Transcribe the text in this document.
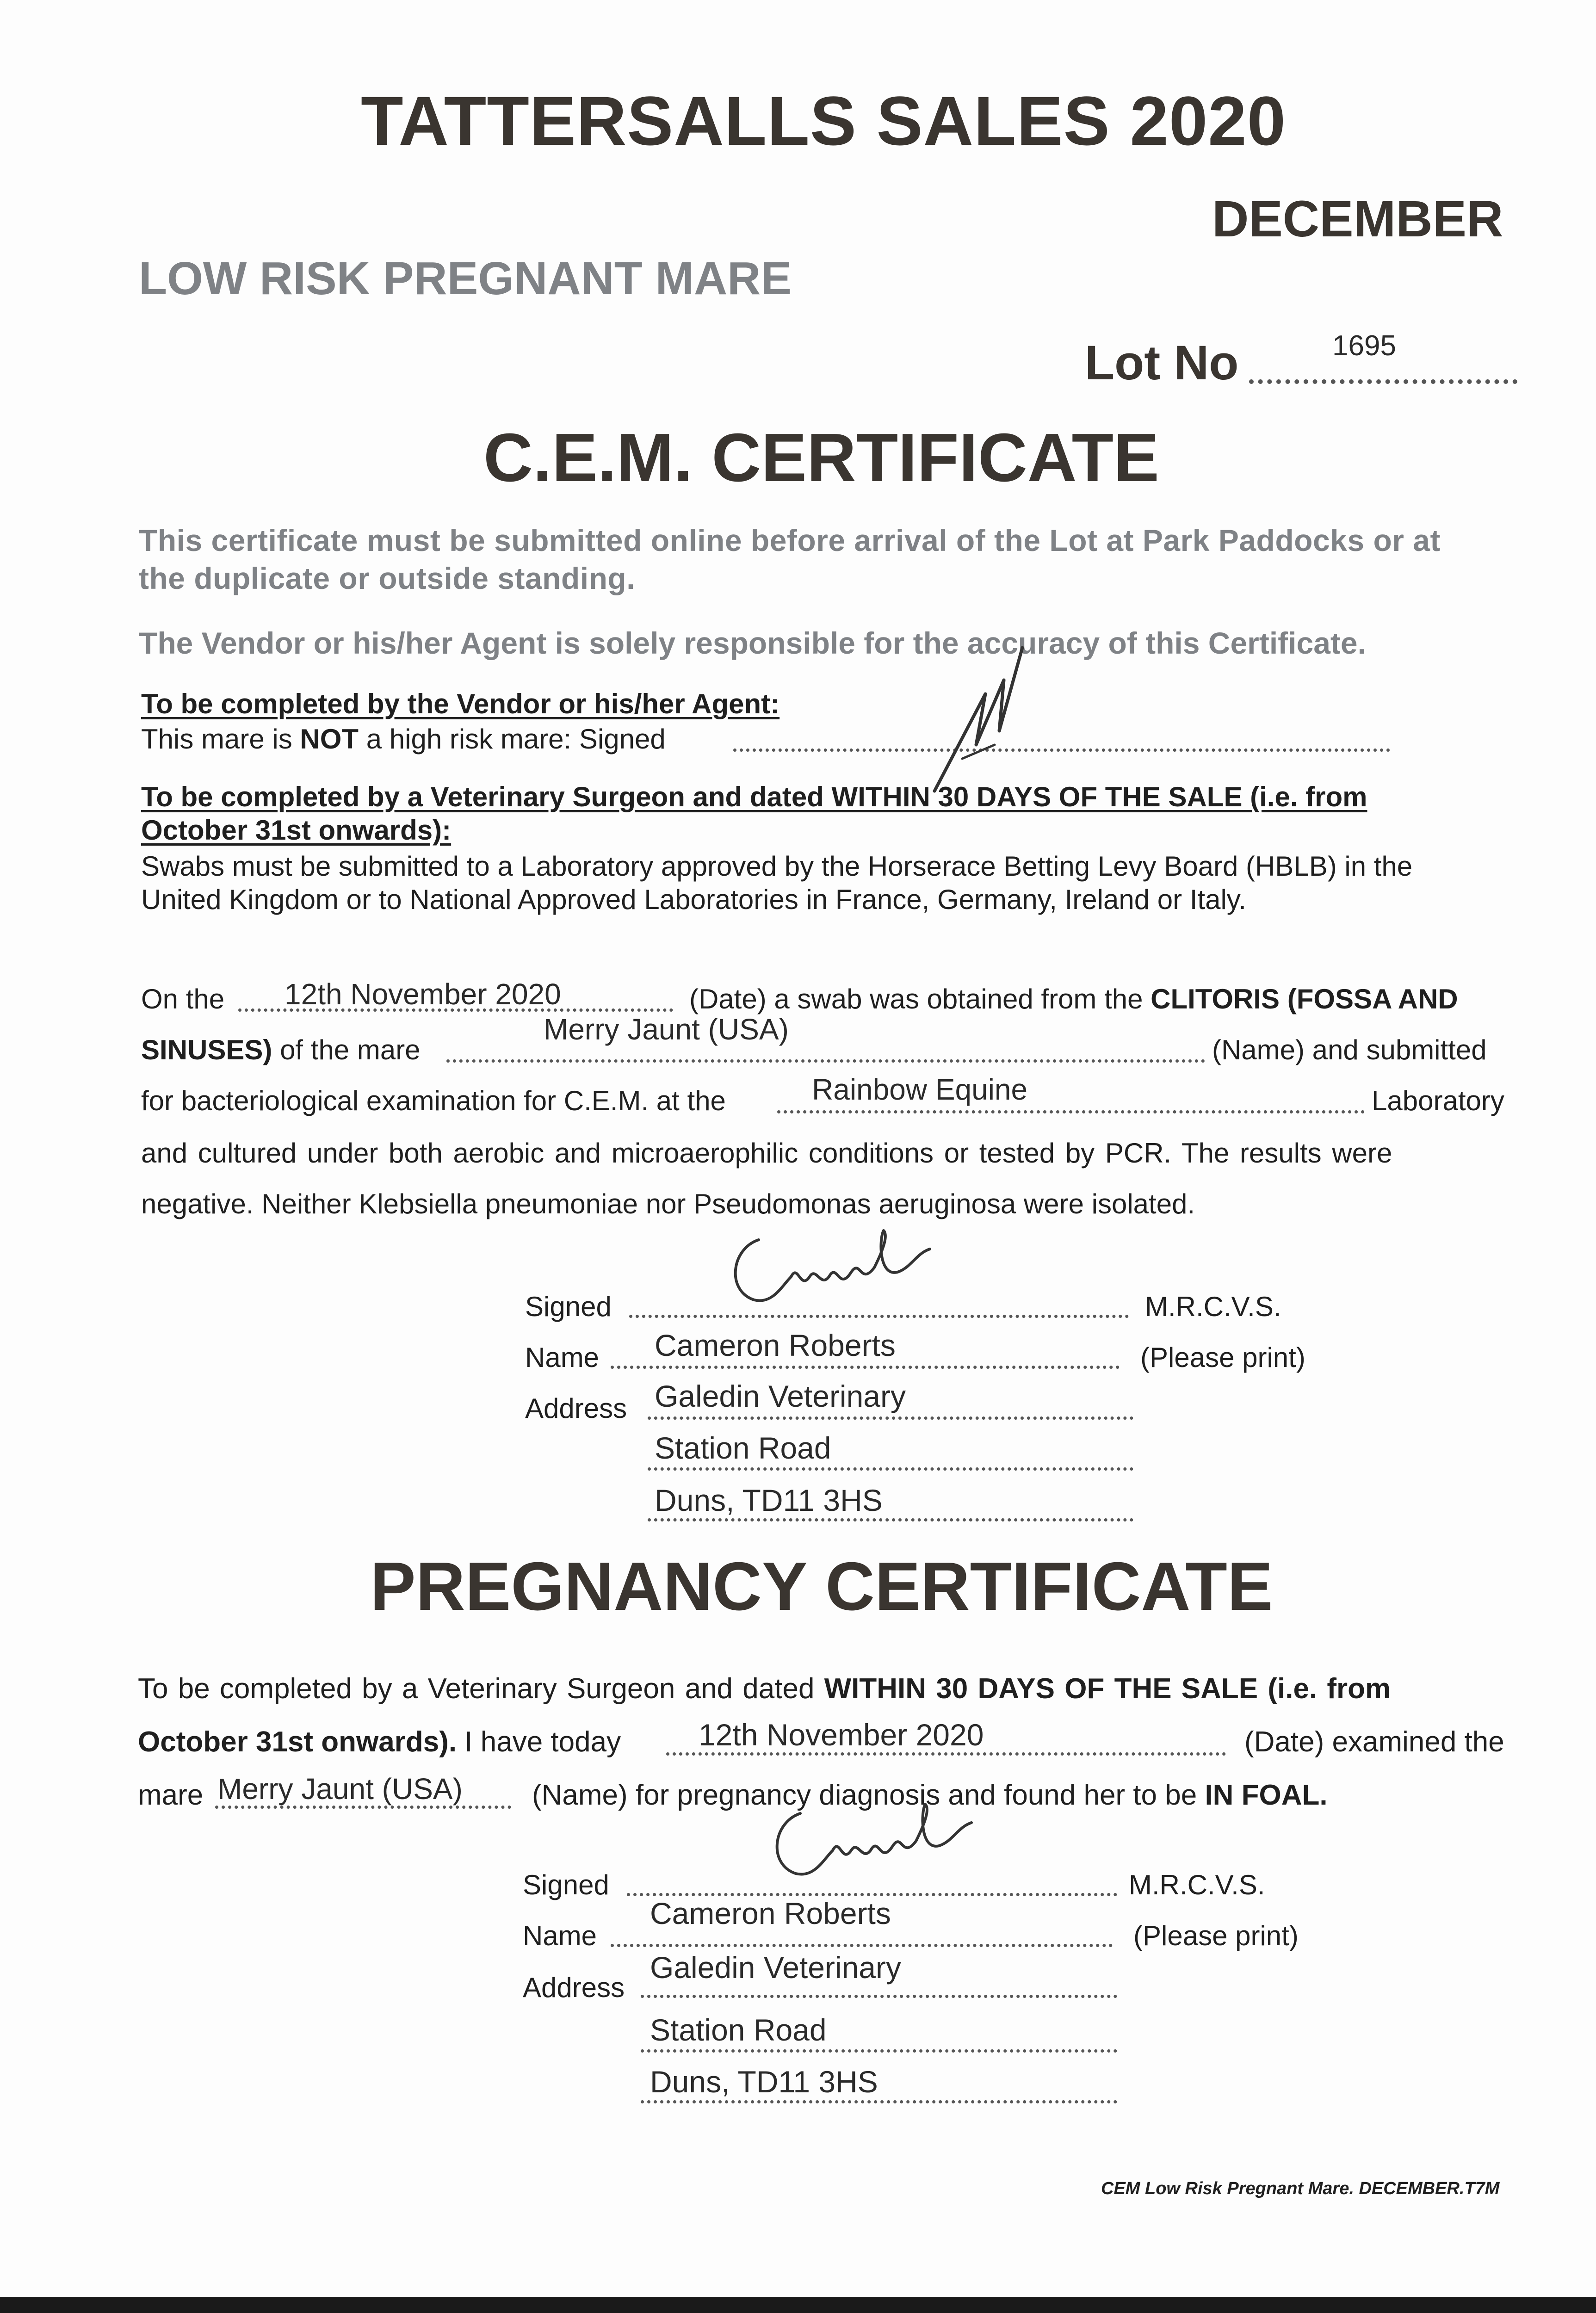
TATTERSALLS SALES 2020
DECEMBER
LOW RISK PREGNANT MARE
Lot No	1695
C.E.M. CERTIFICATE
This certificate must be submitted online before arrival of the Lot at Park Paddocks or at
the duplicate or outside standing.
The Vendor or his/her Agent is solely responsible for the accuracy of this Certificate.
To be completed by the Vendor or his/her Agent:
This mare is NOT a high risk mare: Signed
To be completed by a Veterinary Surgeon and dated WITHIN 30 DAYS OF THE SALE (i.e. from
October 31st onwards):
Swabs must be submitted to a Laboratory approved by the Horserace Betting Levy Board (HBLB) in the
United Kingdom or to National Approved Laboratories in France, Germany, Ireland or Italy.
On the 12th November 2020	(Date) a swab was obtained from the CLITORIS (FOSSA AND
SINUSES) of the mare
Merry Jaunt (USA)
(Name) and submitted
for bacteriological examination for C.E.M. at the	Rainbow Equine	Laboratory
and cultured under both aerobic and microaerophilic conditions or tested by PCR. The results were
negative. Neither Klebsiella pneumoniae nor Pseudomonas aeruginosa were isolated.
Signed	M.R.C.V.S.
Name Cameron Roberts	(Please print)
Address Galedin Veterinary
Station Road
Duns, TD11 3HS
PREGNANCY CERTIFICATE
To be completed by a Veterinary Surgeon and dated WITHIN 30 DAYS OF THE SALE (i.e. from
October 31st onwards). I have today	12th November 2020	(Date) examined the
mare Merry Jaunt (USA) (Name) for pregnancy diagnosis and found her to be IN FOAL.
Signed	M.R.C.V.S.
Name
Cameron Roberts
(Please print)
Address
Galedin Veterinary
Station Road
Duns, TD11 3HS
CEM Low Risk Pregnant Mare. DECEMBER.T7M
